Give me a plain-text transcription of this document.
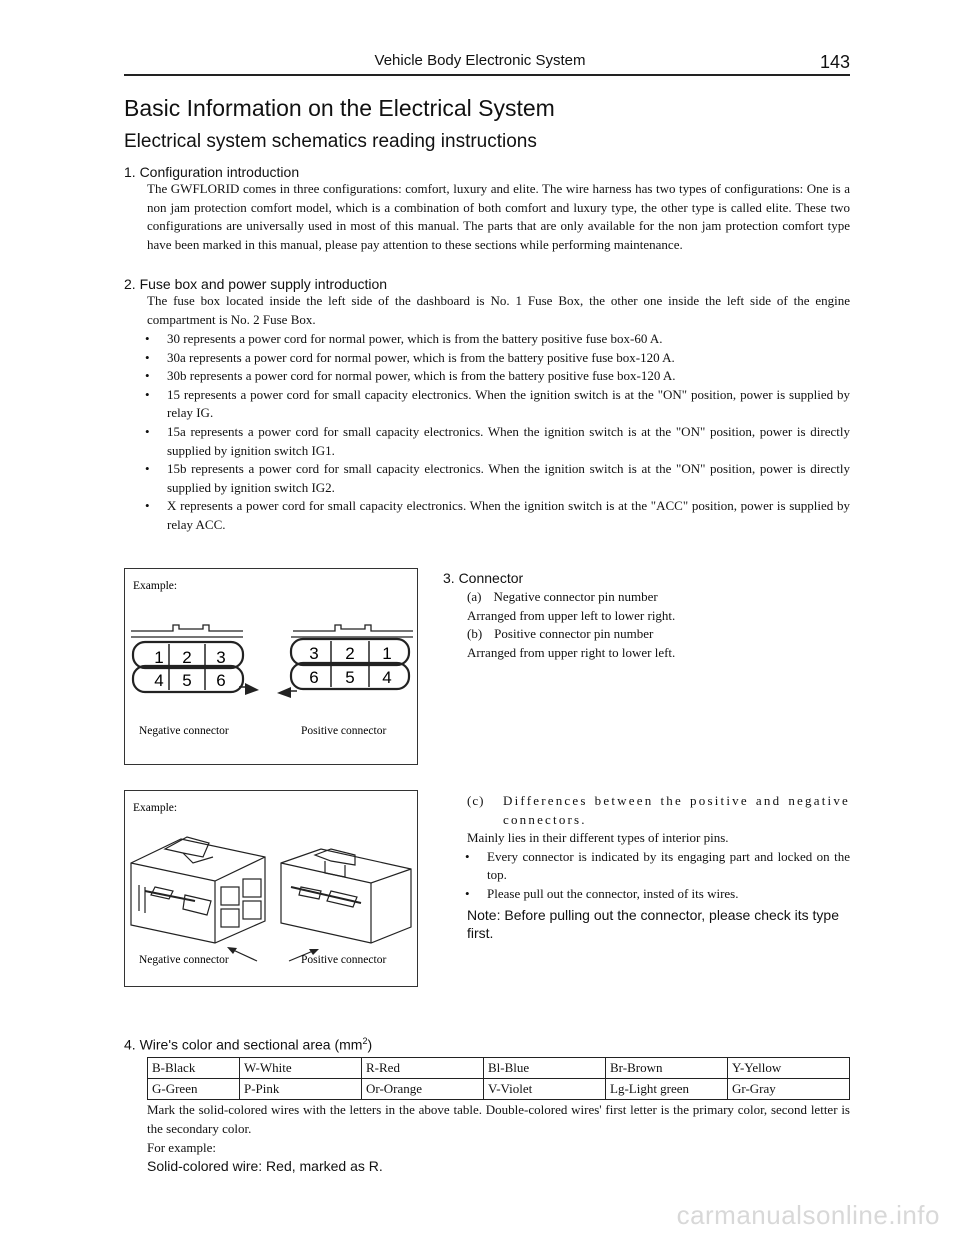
Vehicle Body Electronic System	143
Basic Information on the Electrical System
Electrical system schematics reading instructions
1. Configuration introduction
The GWFLORID comes in three configurations: comfort, luxury and elite. The wire harness has two types of configurations: One is a non jam protection comfort model, which is a combination of both comfort and luxury type, the other type is called elite. These two configurations are universally used in most of this manual. The parts that are only available for the non jam protection comfort type have been marked in this manual, please pay attention to these sections while performing maintenance.
2. Fuse box and power supply introduction
The fuse box located inside the left side of the dashboard is No. 1 Fuse Box, the other one inside the left side of the engine compartment is No. 2 Fuse Box.
• 30 represents a power cord for normal power, which is from the battery positive fuse box-60 A.
• 30a represents a power cord for normal power, which is from the battery positive fuse box-120 A.
• 30b represents a power cord for normal power, which is from the battery positive fuse box-120 A.
• 15 represents a power cord for small capacity electronics. When the ignition switch is at the "ON" position, power is supplied by relay IG.
• 15a represents a power cord for small capacity electronics. When the ignition switch is at the "ON" position, power is directly supplied by ignition switch IG1.
• 15b represents a power cord for small capacity electronics. When the ignition switch is at the "ON" position, power is directly supplied by ignition switch IG2.
• X represents a power cord for small capacity electronics. When the ignition switch is at the "ACC" position, power is supplied by relay ACC.
Example:
1 2 3
4 5 6
3 2 1
6 5 4
Negative connector	Positive connector
3. Connector
(a) Negative connector pin number
Arranged from upper left to lower right.
(b) Positive connector pin number
Arranged from upper right to lower left.
Example:
Negative connector	Positive connector
(c)	Differences between the positive and negative connectors.
Mainly lies in their different types of interior pins.
• Every connector is indicated by its engaging part and locked on the top.
• Please pull out the connector, insted of its wires.
Note: Before pulling out the connector, please check its type first.
4. Wire's color and sectional area $(mm^2)$
B-Black	W-White	R-Red	Bl-Blue	Br-Brown	Y-Yellow
G-Green	P-Pink	Or-Orange	V-Violet	Lg-Light green	Gr-Gray
Mark the solid-colored wires with the letters in the above table. Double-colored wires' first letter is the primary color, second letter is the secondary color.
For example:
Solid-colored wire: Red, marked as R.
carmanualsonline.info
